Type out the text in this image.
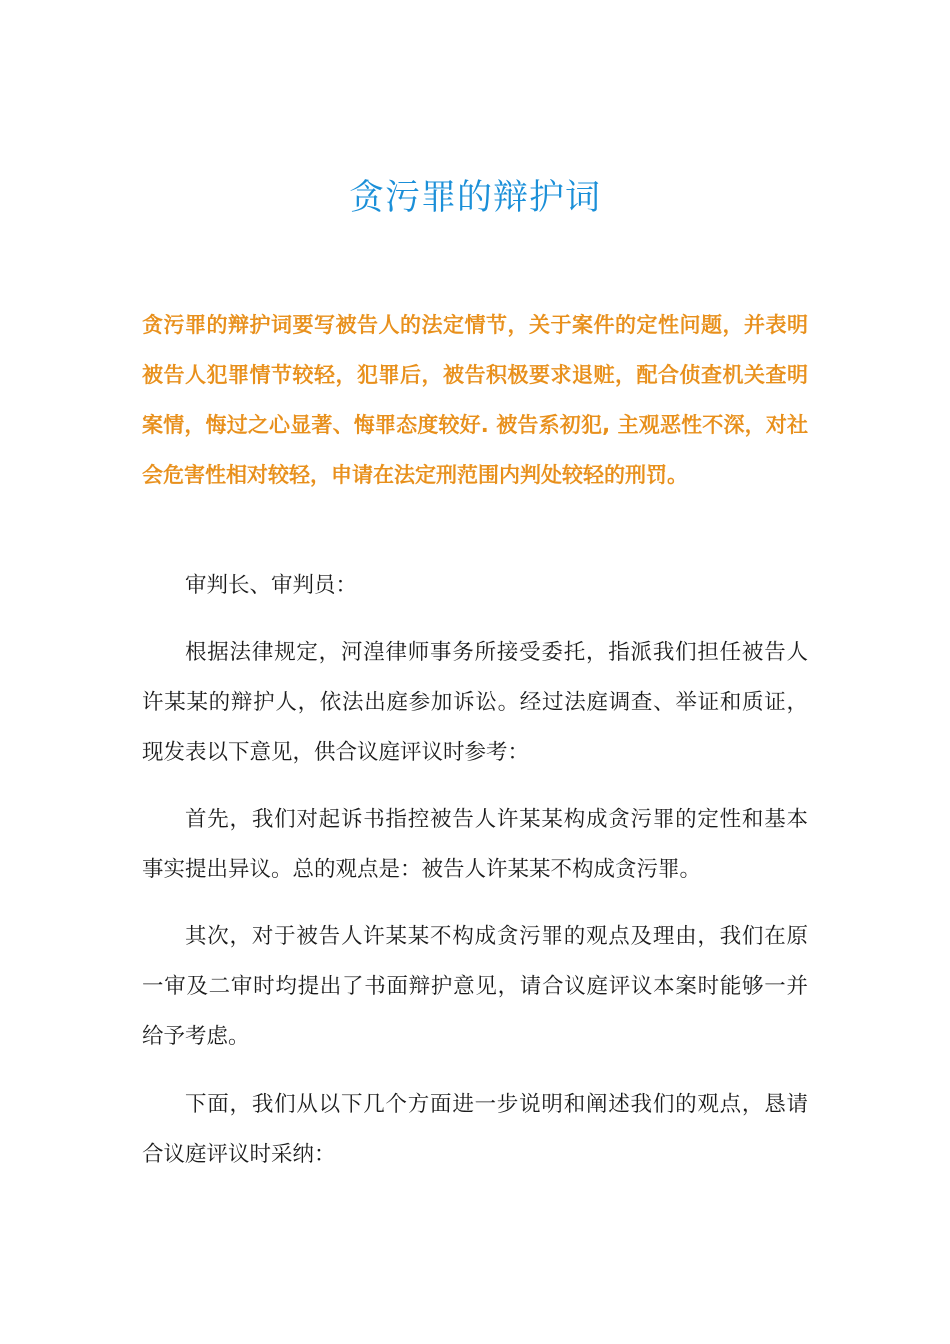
贪污罪的辩护词

贪污罪的辩护词要写被告人的法定情节，关于案件的定性问题，并表明被告人犯罪情节较轻，犯罪后，被告积极要求退赃，配合侦查机关查明案情，悔过之心显著、悔罪态度较好. 被告系初犯, 主观恶性不深，对社会危害性相对较轻，申请在法定刑范围内判处较轻的刑罚。

审判长、审判员：

根据法律规定，河湟律师事务所接受委托，指派我们担任被告人许某某的辩护人，依法出庭参加诉讼。经过法庭调查、举证和质证，现发表以下意见，供合议庭评议时参考：

首先，我们对起诉书指控被告人许某某构成贪污罪的定性和基本事实提出异议。总的观点是：被告人许某某不构成贪污罪。

其次，对于被告人许某某不构成贪污罪的观点及理由，我们在原一审及二审时均提出了书面辩护意见，请合议庭评议本案时能够一并给予考虑。

下面，我们从以下几个方面进一步说明和阐述我们的观点，恳请合议庭评议时采纳：
